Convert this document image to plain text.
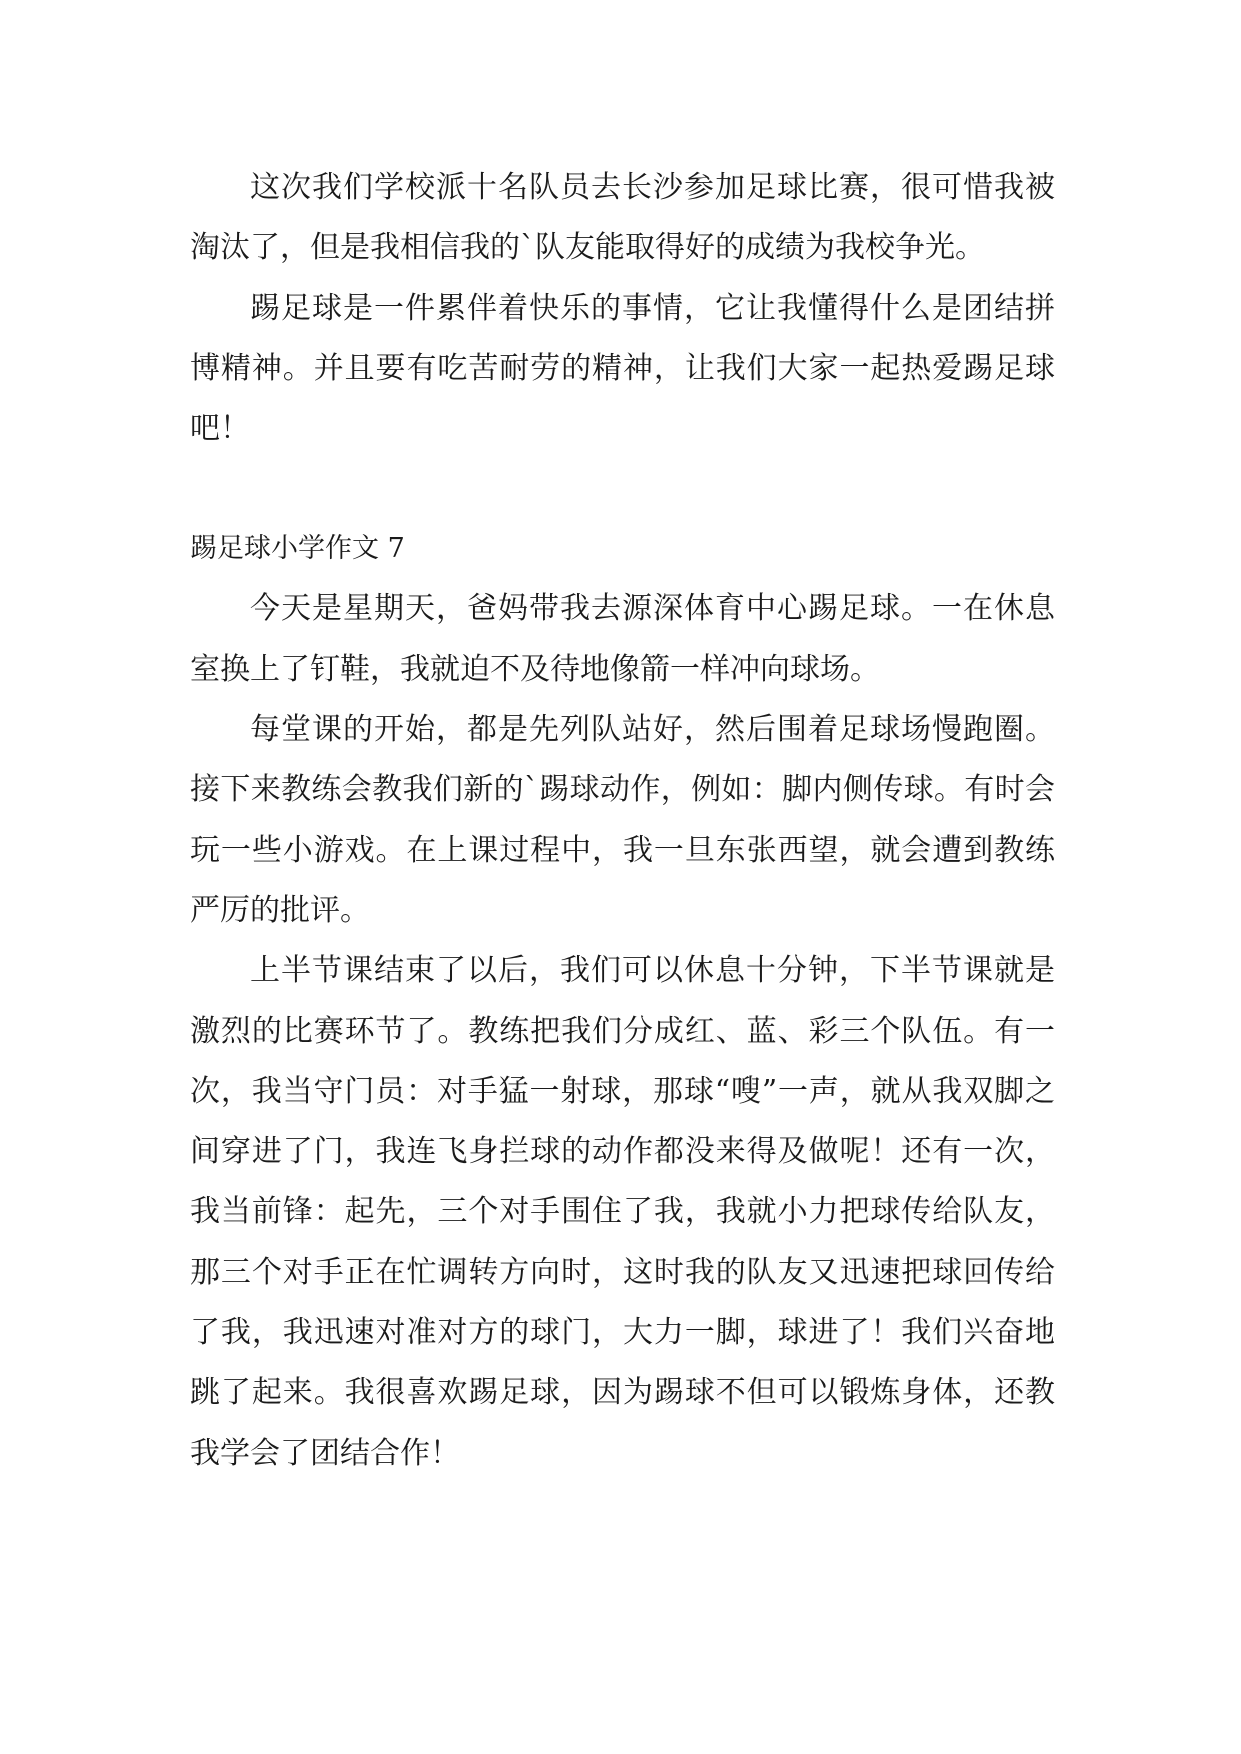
这次我们学校派十名队员去长沙参加足球比赛，很可惜我被淘汰了，但是我相信我的`队友能取得好的成绩为我校争光。

踢足球是一件累伴着快乐的事情，它让我懂得什么是团结拼博精神。并且要有吃苦耐劳的精神，让我们大家一起热爱踢足球吧！

踢足球小学作文 7

今天是星期天，爸妈带我去源深体育中心踢足球。一在休息室换上了钉鞋，我就迫不及待地像箭一样冲向球场。

每堂课的开始，都是先列队站好，然后围着足球场慢跑圈。接下来教练会教我们新的`踢球动作，例如：脚内侧传球。有时会玩一些小游戏。在上课过程中，我一旦东张西望，就会遭到教练严厉的批评。

上半节课结束了以后，我们可以休息十分钟，下半节课就是激烈的比赛环节了。教练把我们分成红、蓝、彩三个队伍。有一次，我当守门员：对手猛一射球，那球“嗖”一声，就从我双脚之间穿进了门，我连飞身拦球的动作都没来得及做呢！还有一次，我当前锋：起先，三个对手围住了我，我就小力把球传给队友，那三个对手正在忙调转方向时，这时我的队友又迅速把球回传给了我，我迅速对准对方的球门，大力一脚，球进了！我们兴奋地跳了起来。我很喜欢踢足球，因为踢球不但可以锻炼身体，还教我学会了团结合作！
